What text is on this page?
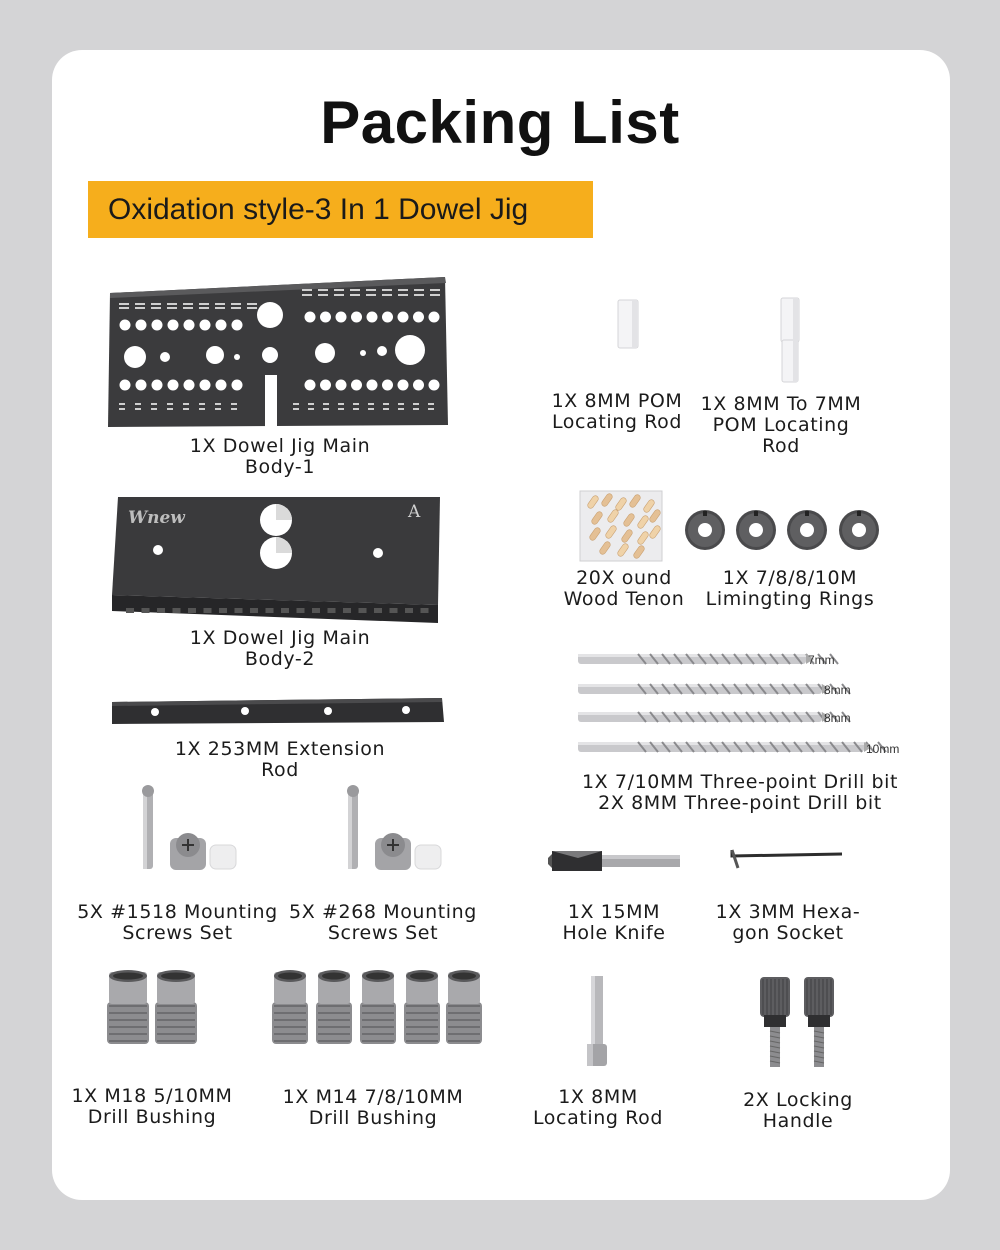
Packing List
Oxidation style-3 In 1 Dowel Jig
Wnew	A
7mm
8mm
8mm
10mm
1X Dowel Jig Main
Body-1
1X 8MM POM
Locating Rod
1X 8MM To 7MM
POM Locating
Rod
1X Dowel Jig Main
Body-2
20X ound
Wood Tenon
1X 7/8/8/10M
Limingting Rings
1X 253MM Extension
Rod
1X 7/10MM Three-point Drill bit
2X 8MM Three-point Drill bit
5X #1518 Mounting
Screws Set
5X #268 Mounting
Screws Set
1X 15MM
Hole Knife
1X 3MM Hexa-
gon Socket
1X M18 5/10MM
Drill Bushing
1X M14 7/8/10MM
Drill Bushing
1X 8MM
Locating Rod
2X Locking
Handle
